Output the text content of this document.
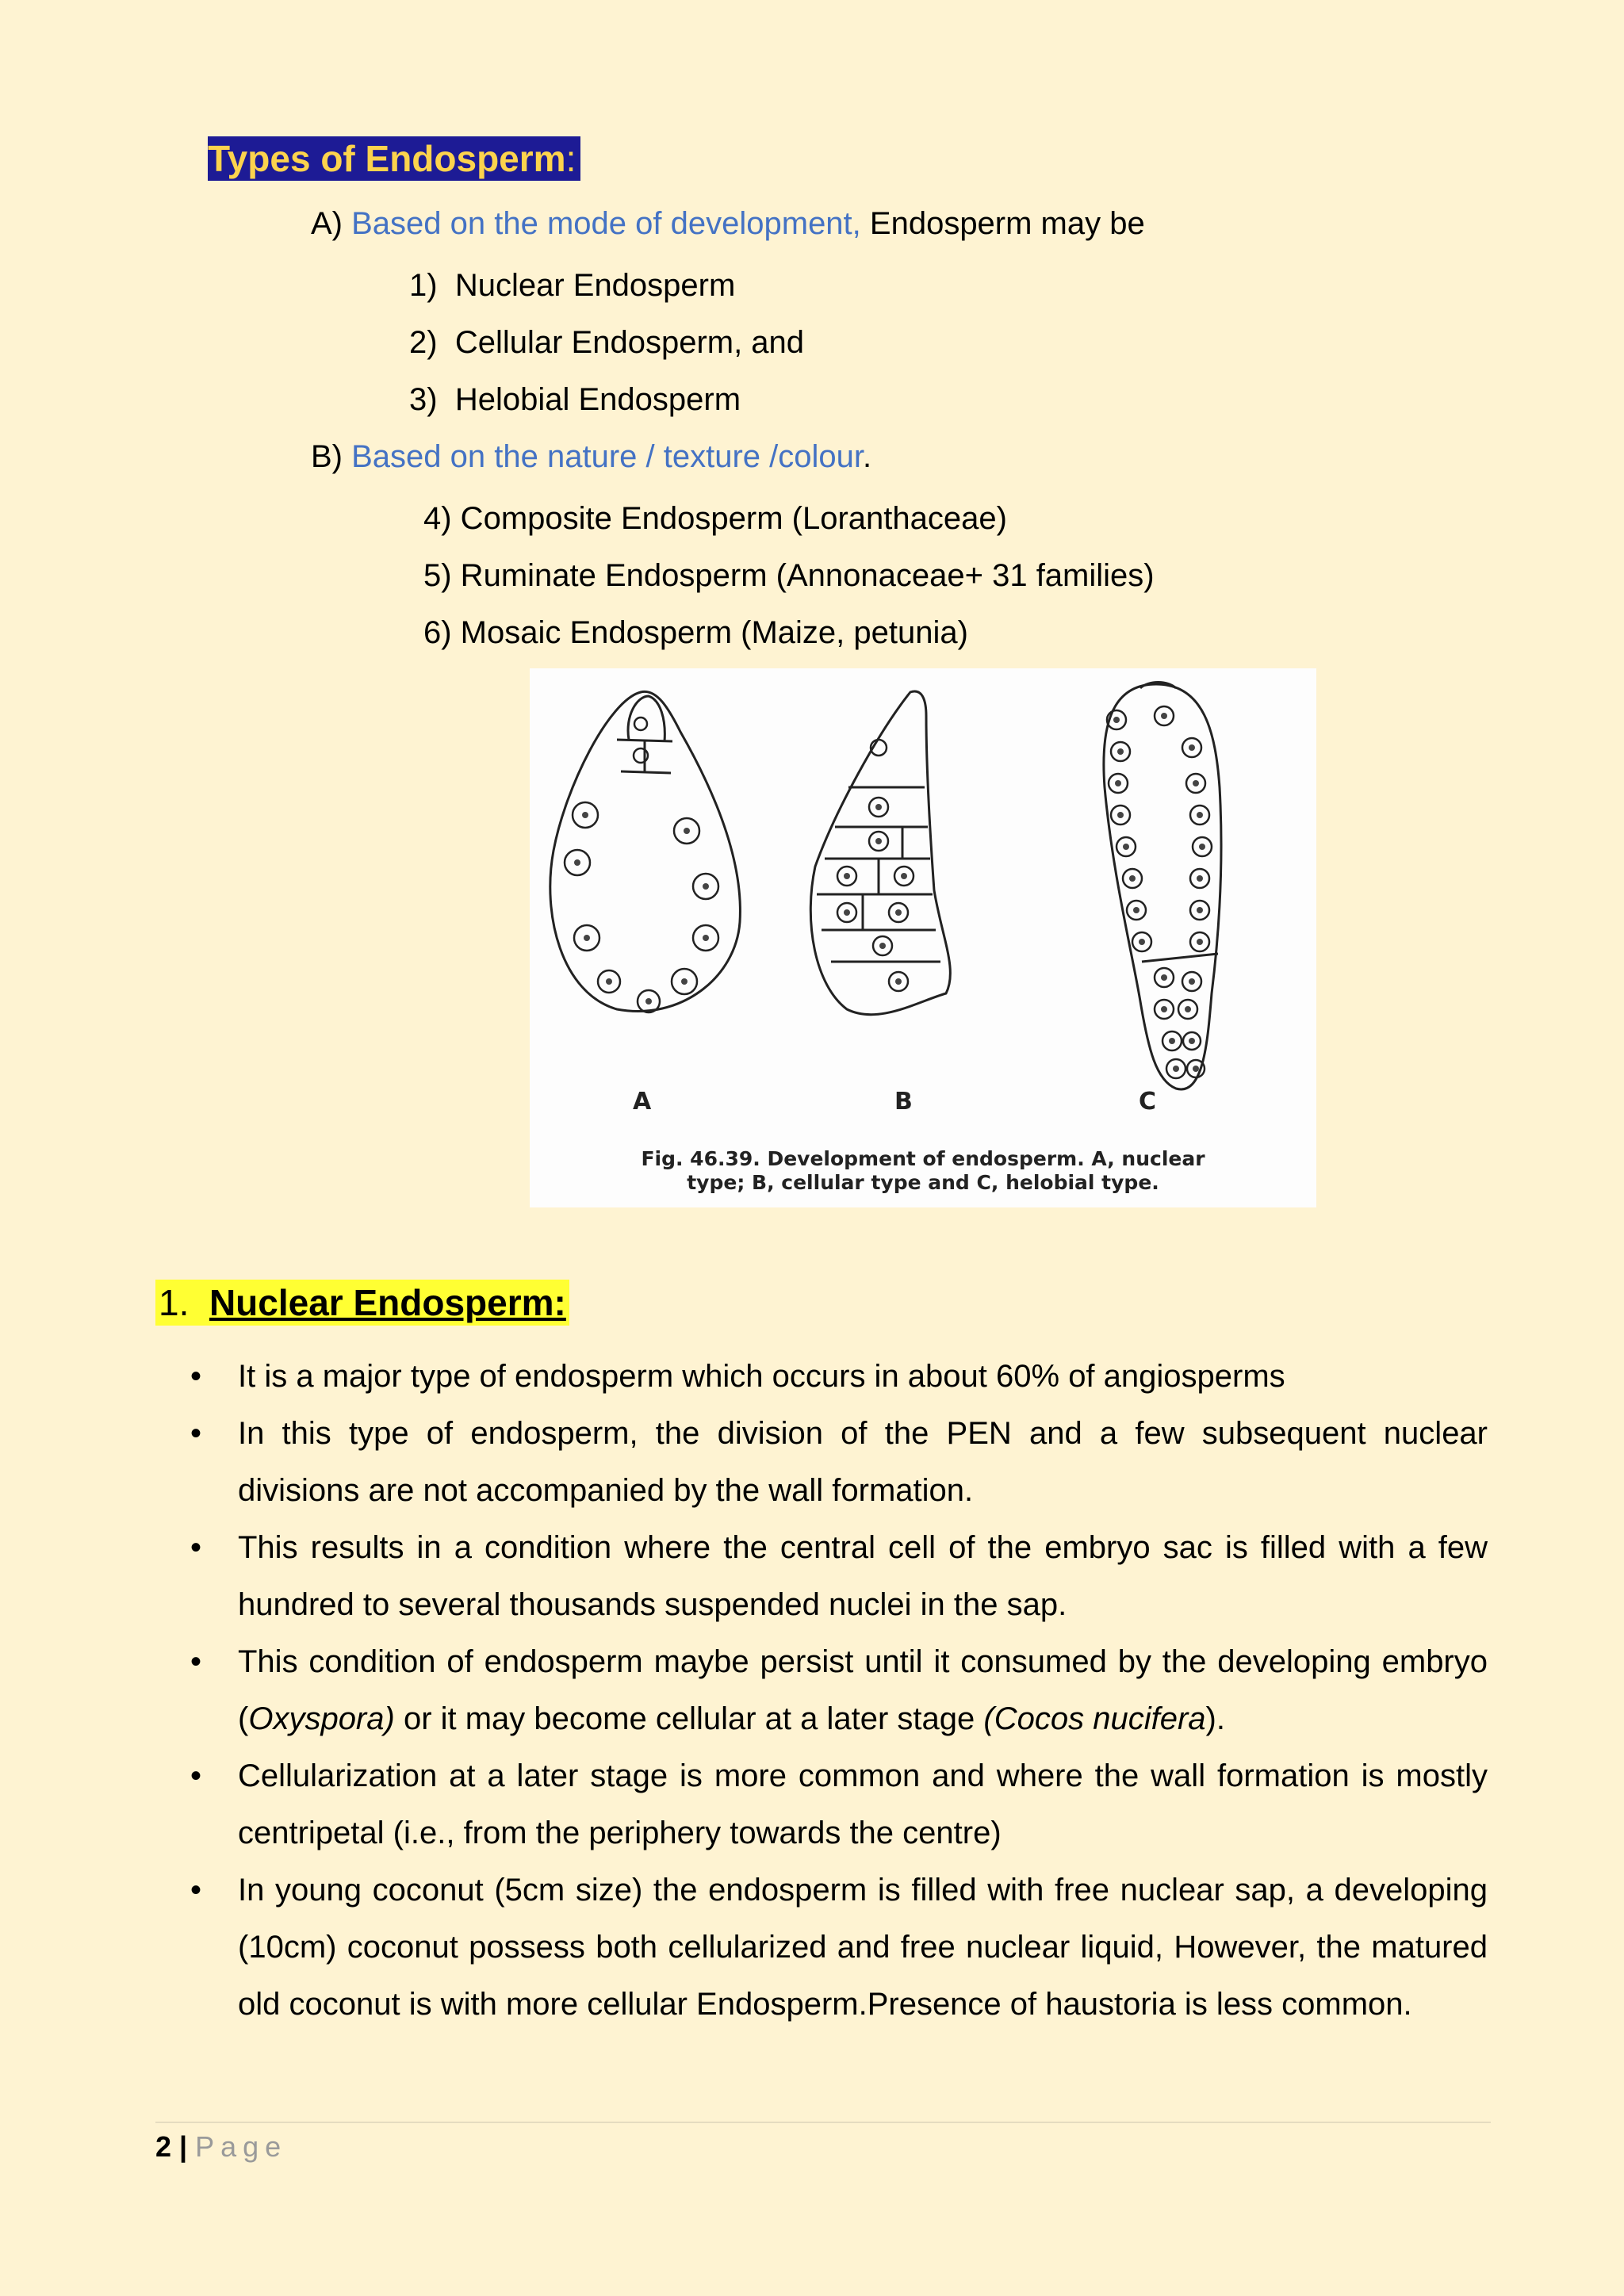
Types of Endosperm:
A) Based on the mode of development, Endosperm may be
1) Nuclear Endosperm
2) Cellular Endosperm, and
3) Helobial Endosperm
B) Based on the nature / texture /colour.
4) Composite Endosperm (Loranthaceae)
5) Ruminate Endosperm (Annonaceae+ 31 families)
6) Mosaic Endosperm (Maize, petunia)
A	B	C
Fig. 46.39. Development of endosperm. A, nuclear
type; B, cellular type and C, helobial type.
1. Nuclear Endosperm:

• It is a major type of endosperm which occurs in about 60% of angiosperms

• In this type of endosperm, the division of the PEN and a few subsequent nuclear divisions are not accompanied by the wall formation.

• This results in a condition where the central cell of the embryo sac is filled with a few hundred to several thousands suspended nuclei in the sap.

• This condition of endosperm maybe persist until it consumed by the developing embryo (Oxyspora) or it may become cellular at a later stage (Cocos nucifera).

• Cellularization at a later stage is more common and where the wall formation is mostly centripetal (i.e., from the periphery towards the centre)

• In young coconut (5cm size) the endosperm is filled with free nuclear sap, a developing (10cm) coconut possess both cellularized and free nuclear liquid, However, the matured old coconut is with more cellular Endosperm.Presence of haustoria is less common.

2 | Page
